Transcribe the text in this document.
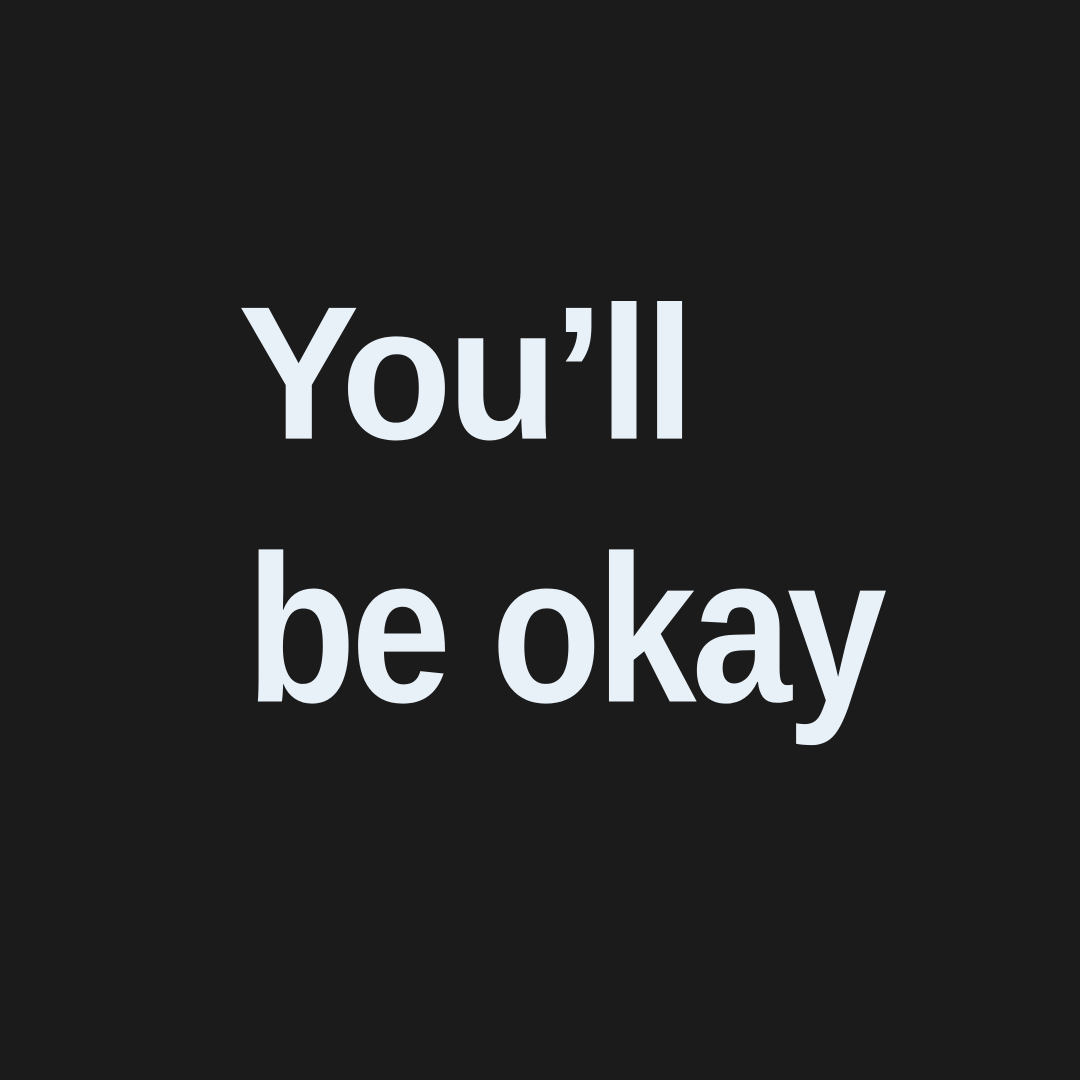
You’ll
be okay
